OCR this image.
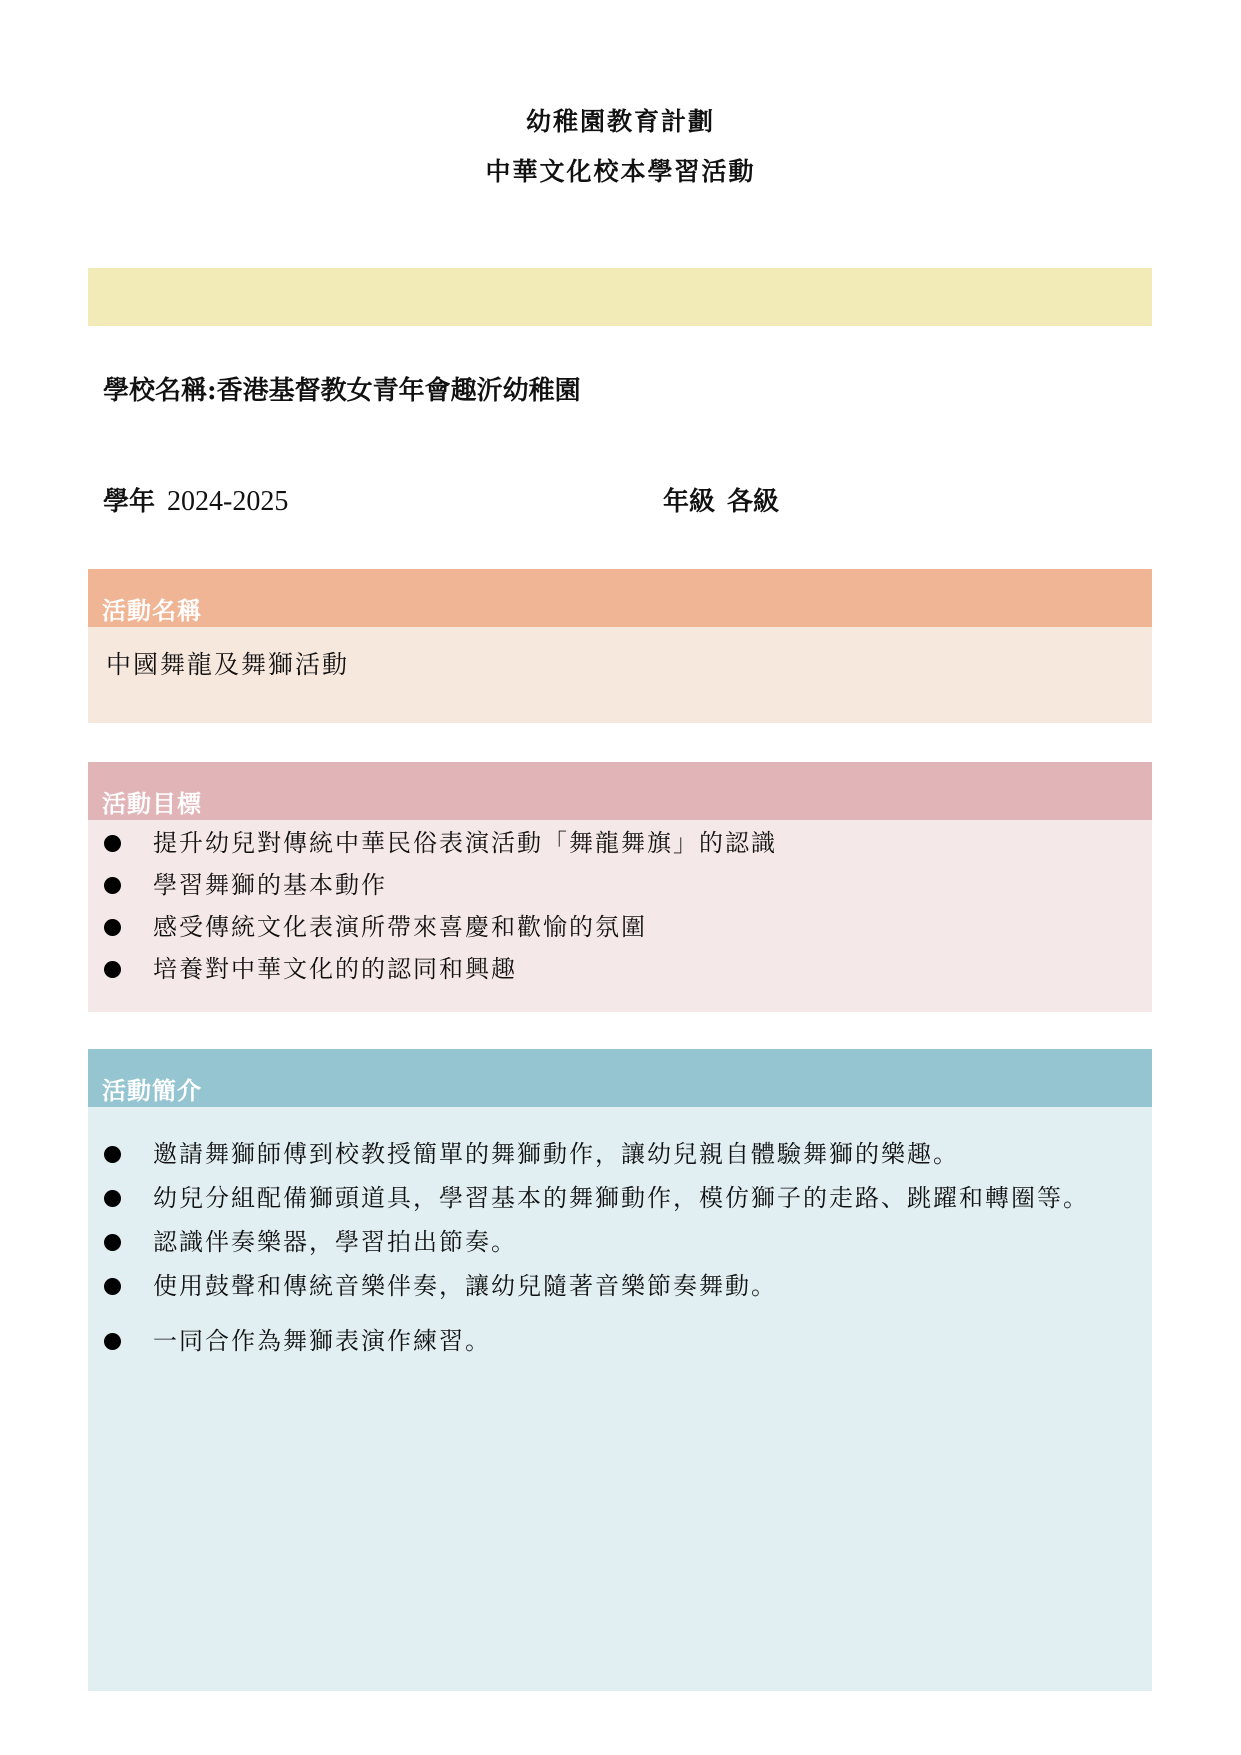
幼稚園教育計劃
中華文化校本學習活動
學校名稱:香港基督教女青年會趣沂幼稚園
學年 2024-2025	年級 各級
活動名稱
中國舞龍及舞獅活動
活動目標
提升幼兒對傳統中華民俗表演活動「舞龍舞旗」的認識
學習舞獅的基本動作
感受傳統文化表演所帶來喜慶和歡愉的氛圍
培養對中華文化的的認同和興趣
活動簡介
邀請舞獅師傅到校教授簡單的舞獅動作，讓幼兒親自體驗舞獅的樂趣。
幼兒分組配備獅頭道具，學習基本的舞獅動作，模仿獅子的走路、跳躍和轉圈等。
認識伴奏樂器，學習拍出節奏。
使用鼓聲和傳統音樂伴奏，讓幼兒隨著音樂節奏舞動。
一同合作為舞獅表演作練習。
